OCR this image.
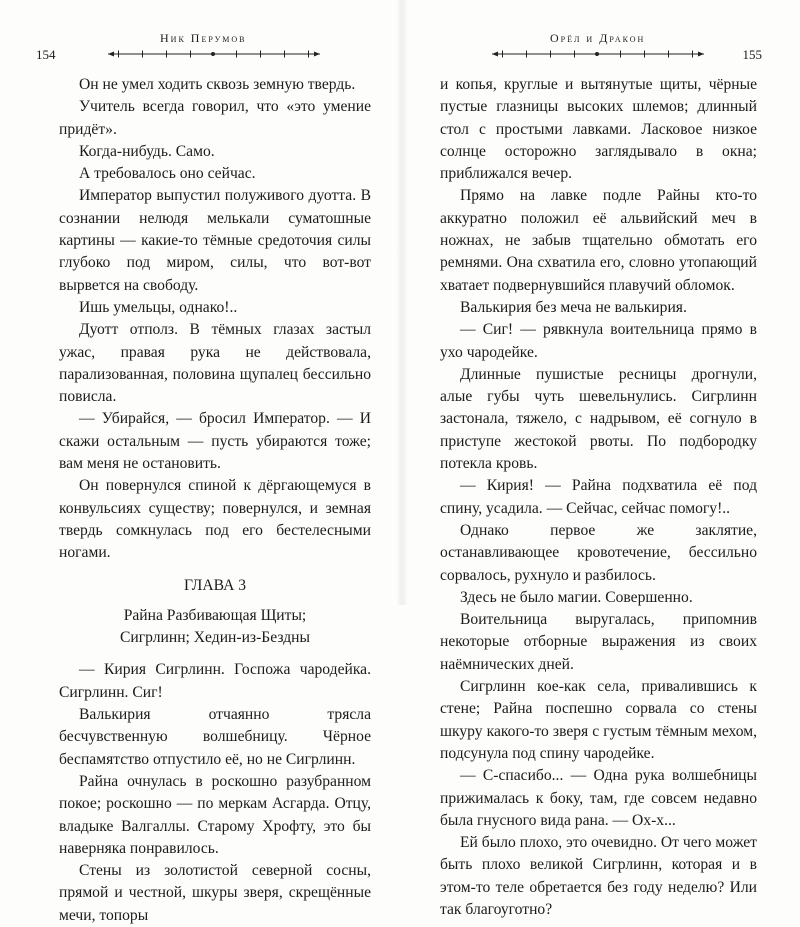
154
Ник Перумов

Он не умел ходить сквозь земную твердь.

Учитель всегда говорил, что «это умение придёт».

Когда-нибудь. Само.

А требовалось оно сейчас.

Император выпустил полуживого дуотта. В сознании нелюдя мелькали суматошные картины — какие-то тёмные средоточия силы глубоко под миром, силы, что вот-вот вырвется на свободу.

Ишь умельцы, однако!..

Дуотт отполз. В тёмных глазах застыл ужас, правая рука не действовала, парализованная, половина щупалец бессильно повисла.

— Убирайся, — бросил Император. — И скажи остальным — пусть убираются тоже; вам меня не остановить.

Он повернулся спиной к дёргающемуся в конвульсиях существу; повернулся, и земная твердь сомкнулась под его бестелесными ногами.

ГЛАВА 3
Райна Разбивающая Щиты;
Сигрлинн; Хедин-из-Бездны

— Кирия Сигрлинн. Госпожа чародейка. Сигрлинн. Сиг!

Валькирия отчаянно трясла бесчувственную волшебницу. Чёрное беспамятство отпустило её, но не Сигрлинн.

Райна очнулась в роскошно разубранном покое; роскошно — по меркам Асгарда. Отцу, владыке Валгаллы. Старому Хрофту, это бы наверняка понравилось.

Стены из золотистой северной сосны, прямой и честной, шкуры зверя, скрещённые мечи, топоры

Орёл и Дракон
155

и копья, круглые и вытянутые щиты, чёрные пустые глазницы высоких шлемов; длинный стол с простыми лавками. Ласковое низкое солнце осторожно заглядывало в окна; приближался вечер.

Прямо на лавке подле Райны кто-то аккуратно положил её альвийский меч в ножнах, не забыв тщательно обмотать его ремнями. Она схватила его, словно утопающий хватает подвернувшийся плавучий обломок.

Валькирия без меча не валькирия.

— Сиг! — рявкнула воительница прямо в ухо чародейке.

Длинные пушистые ресницы дрогнули, алые губы чуть шевельнулись. Сигрлинн застонала, тяжело, с надрывом, её согнуло в приступе жестокой рвоты. По подбородку потекла кровь.

— Кирия! — Райна подхватила её под спину, усадила. — Сейчас, сейчас помогу!..

Однако первое же заклятие, останавливающее кровотечение, бессильно сорвалось, рухнуло и разбилось.

Здесь не было магии. Совершенно.

Воительница выругалась, припомнив некоторые отборные выражения из своих наёмнических дней.

Сигрлинн кое-как села, привалившись к стене; Райна поспешно сорвала со стены шкуру какого-то зверя с густым тёмным мехом, подсунула под спину чародейке.

— С-спасибо... — Одна рука волшебницы прижималась к боку, там, где совсем недавно была гнусного вида рана. — Ох-х...

Ей было плохо, это очевидно. От чего может быть плохо великой Сигрлинн, которая и в этом-то теле обретается без году неделю? Или так благоуготно?
